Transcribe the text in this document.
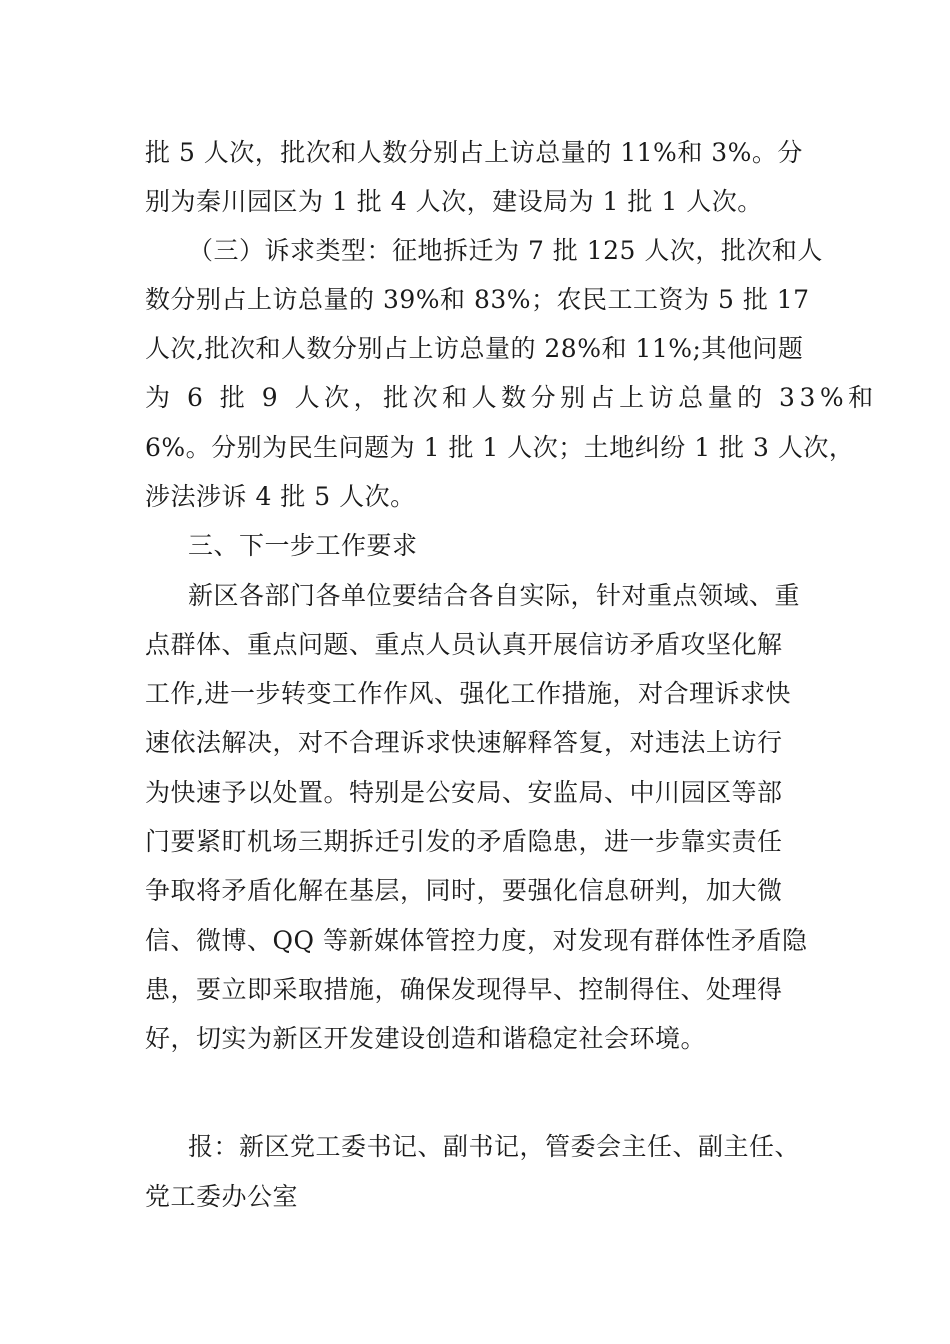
批 5 人次，批次和人数分别占上访总量的 11%和 3%。分
别为秦川园区为 1 批 4 人次，建设局为 1 批 1 人次。
（三）诉求类型：征地拆迁为 7 批 125 人次，批次和人
数分别占上访总量的 39%和 83%；农民工工资为 5 批 17
人次,批次和人数分别占上访总量的 28%和 11%;其他问题
为 6 批 9 人次，批次和人数分别占上访总量的 33%和
6%。分别为民生问题为 1 批 1 人次；土地纠纷 1 批 3 人次，
涉法涉诉 4 批 5 人次。
三、下一步工作要求
新区各部门各单位要结合各自实际，针对重点领域、重
点群体、重点问题、重点人员认真开展信访矛盾攻坚化解
工作,进一步转变工作作风、强化工作措施，对合理诉求快
速依法解决，对不合理诉求快速解释答复，对违法上访行
为快速予以处置。特别是公安局、安监局、中川园区等部
门要紧盯机场三期拆迁引发的矛盾隐患，进一步靠实责任
争取将矛盾化解在基层，同时，要强化信息研判，加大微
信、微博、QQ 等新媒体管控力度，对发现有群体性矛盾隐
患，要立即采取措施，确保发现得早、控制得住、处理得
好，切实为新区开发建设创造和谐稳定社会环境。
报：新区党工委书记、副书记，管委会主任、副主任、
党工委办公室
